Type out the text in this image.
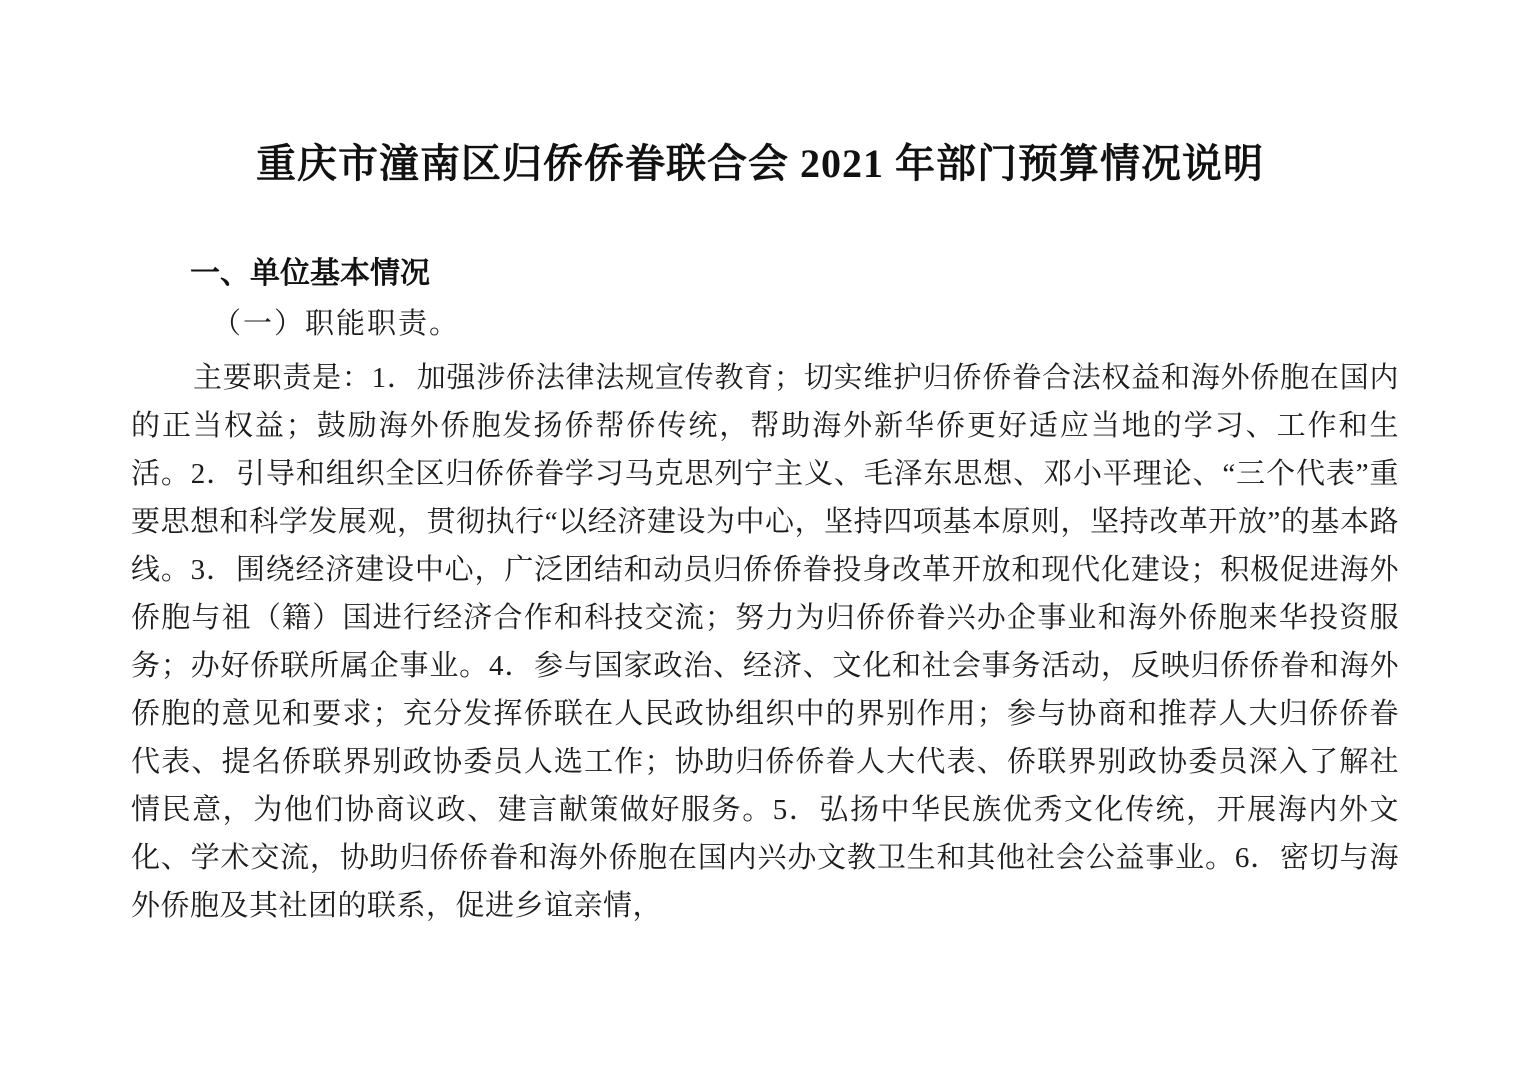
重庆市潼南区归侨侨眷联合会 2021 年部门预算情况说明
一、单位基本情况
（一）职能职责。

主要职责是：1．加强涉侨法律法规宣传教育；切实维护归侨侨眷合法权益和海外侨胞在国内的正当权益；鼓励海外侨胞发扬侨帮侨传统，帮助海外新华侨更好适应当地的学习、工作和生活。2．引导和组织全区归侨侨眷学习马克思列宁主义、毛泽东思想、邓小平理论、“三个代表”重要思想和科学发展观，贯彻执行“以经济建设为中心，坚持四项基本原则，坚持改革开放”的基本路线。3．围绕经济建设中心，广泛团结和动员归侨侨眷投身改革开放和现代化建设；积极促进海外侨胞与祖（籍）国进行经济合作和科技交流；努力为归侨侨眷兴办企事业和海外侨胞来华投资服务；办好侨联所属企事业。4．参与国家政治、经济、文化和社会事务活动，反映归侨侨眷和海外侨胞的意见和要求；充分发挥侨联在人民政协组织中的界别作用；参与协商和推荐人大归侨侨眷代表、提名侨联界别政协委员人选工作；协助归侨侨眷人大代表、侨联界别政协委员深入了解社情民意，为他们协商议政、建言献策做好服务。5．弘扬中华民族优秀文化传统，开展海内外文化、学术交流，协助归侨侨眷和海外侨胞在国内兴办文教卫生和其他社会公益事业。6．密切与海外侨胞及其社团的联系，促进乡谊亲情，
